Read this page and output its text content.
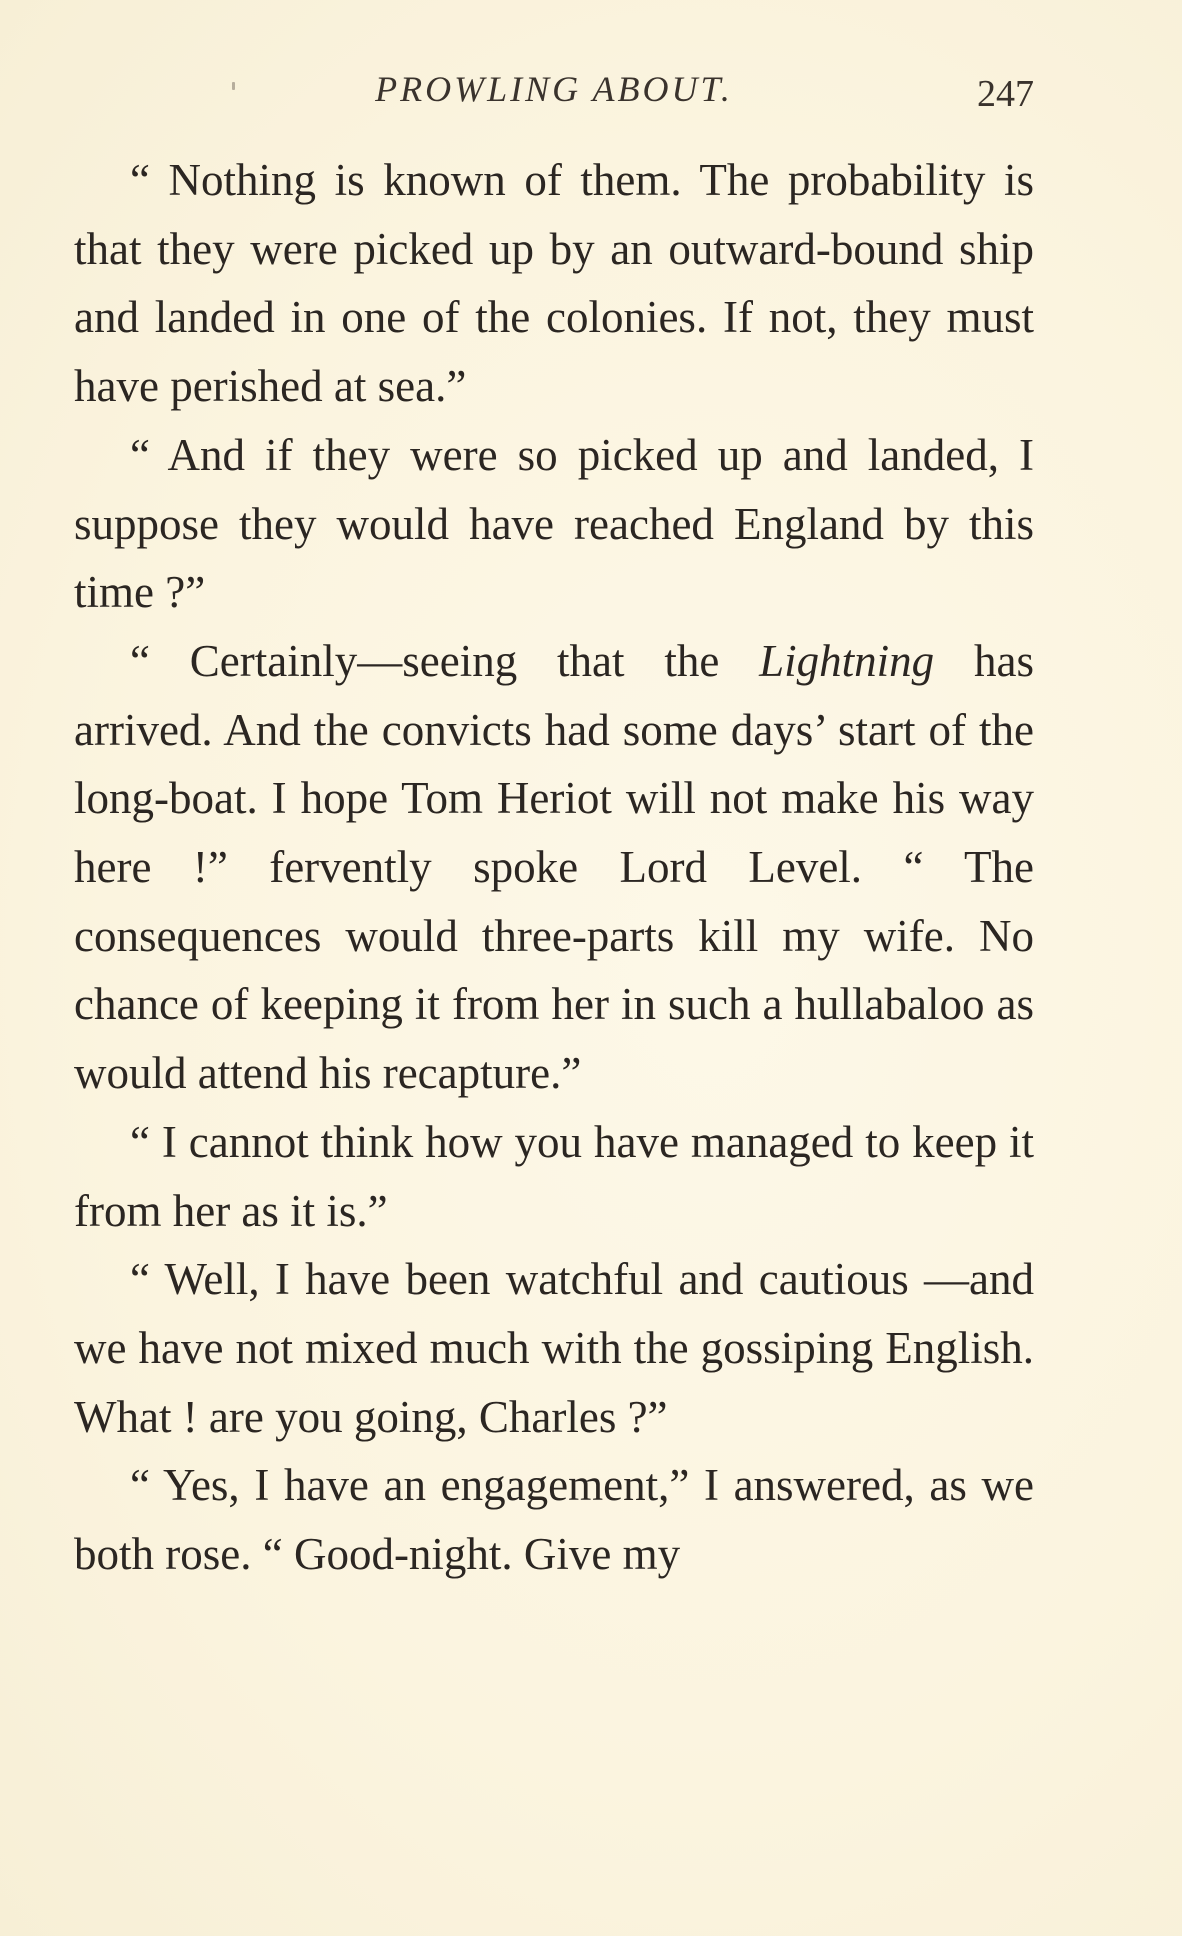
PROWLING ABOUT.	247

“ Nothing is known of them. The probability is that they were picked up by an outward-bound ship and landed in one of the colonies. If not, they must have perished at sea.”

“ And if they were so picked up and landed, I suppose they would have reached England by this time ?”

“ Certainly—seeing that the Lightning has arrived. And the convicts had some days’ start of the long-boat. I hope Tom Heriot will not make his way here !” fervently spoke Lord Level. “ The consequences would three-parts kill my wife. No chance of keeping it from her in such a hullabaloo as would attend his recapture.”

“ I cannot think how you have managed to keep it from her as it is.”

“ Well, I have been watchful and cautious —and we have not mixed much with the gossiping English. What ! are you going, Charles ?”

“ Yes, I have an engagement,” I answered, as we both rose. “ Good-night. Give my
